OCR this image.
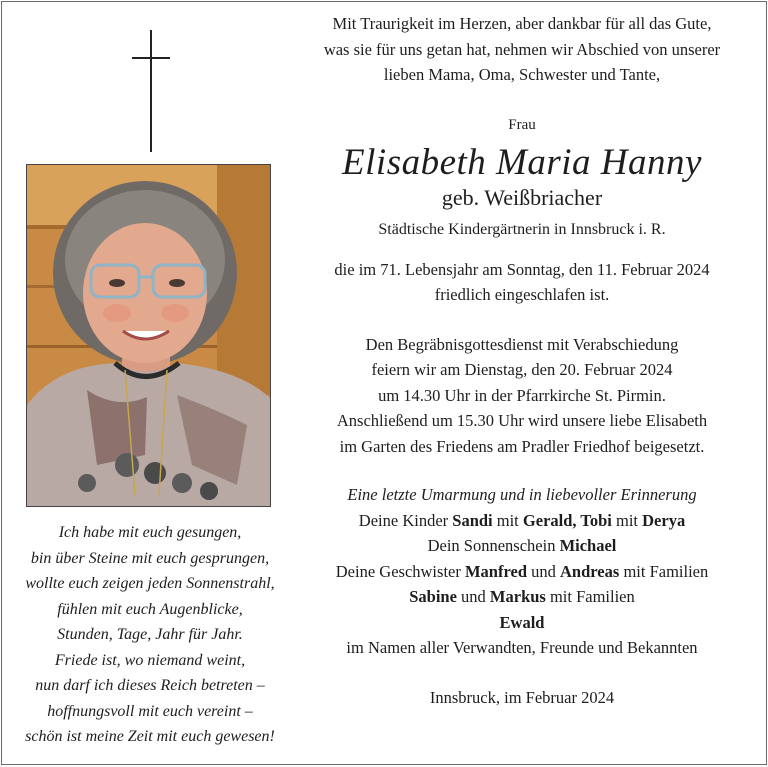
Ich habe mit euch gesungen,
bin über Steine mit euch gesprungen,
wollte euch zeigen jeden Sonnenstrahl,
fühlen mit euch Augenblicke,
Stunden, Tage, Jahr für Jahr.
Friede ist, wo niemand weint,
nun darf ich dieses Reich betreten –
hoffnungsvoll mit euch vereint –
schön ist meine Zeit mit euch gewesen!
Mit Traurigkeit im Herzen, aber dankbar für all das Gute,
was sie für uns getan hat, nehmen wir Abschied von unserer
lieben Mama, Oma, Schwester und Tante,
Frau
Elisabeth Maria Hanny
geb. Weißbriacher
Städtische Kindergärtnerin in Innsbruck i. R.
die im 71. Lebensjahr am Sonntag, den 11. Februar 2024
friedlich eingeschlafen ist.
Den Begräbnisgottesdienst mit Verabschiedung
feiern wir am Dienstag, den 20. Februar 2024
um 14.30 Uhr in der Pfarrkirche St. Pirmin.
Anschließend um 15.30 Uhr wird unsere liebe Elisabeth
im Garten des Friedens am Pradler Friedhof beigesetzt.
Eine letzte Umarmung und in liebevoller Erinnerung
Deine Kinder Sandi mit Gerald, Tobi mit Derya
Dein Sonnenschein Michael
Deine Geschwister Manfred und Andreas mit Familien
Sabine und Markus mit Familien
Ewald
im Namen aller Verwandten, Freunde und Bekannten
Innsbruck, im Februar 2024
